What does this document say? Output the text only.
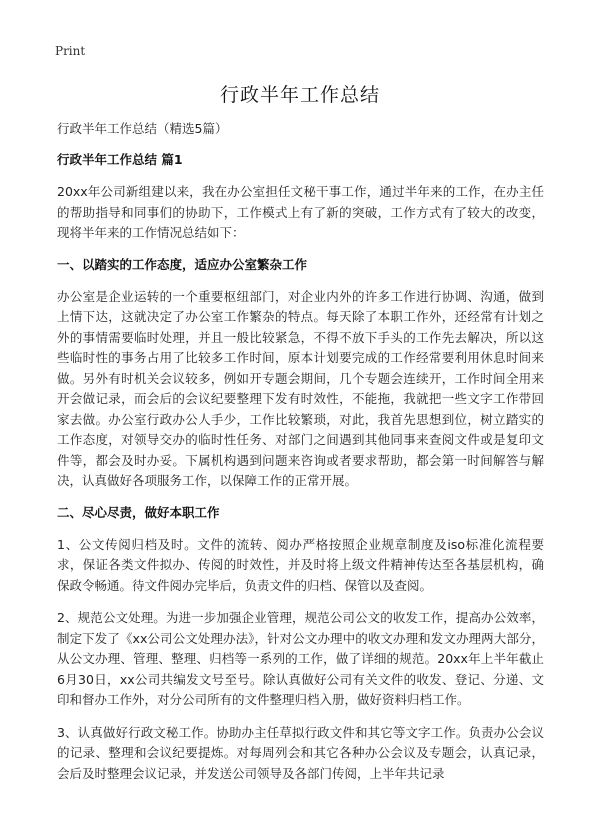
Print
行政半年工作总结

行政半年工作总结（精选5篇）

行政半年工作总结 篇1

20xx年公司新组建以来，我在办公室担任文秘干事工作，通过半年来的工作，在办主任的帮助指导和同事们的协助下，工作模式上有了新的突破，工作方式有了较大的改变，现将半年来的工作情况总结如下：

一、以踏实的工作态度，适应办公室繁杂工作

办公室是企业运转的一个重要枢纽部门，对企业内外的许多工作进行协调、沟通，做到上情下达，这就决定了办公室工作繁杂的特点。每天除了本职工作外，还经常有计划之外的事情需要临时处理，并且一般比较紧急，不得不放下手头的工作先去解决，所以这些临时性的事务占用了比较多工作时间，原本计划要完成的工作经常要利用休息时间来做。另外有时机关会议较多，例如开专题会期间，几个专题会连续开，工作时间全用来开会做记录，而会后的会议纪要整理下发有时效性，不能拖，我就把一些文字工作带回家去做。办公室行政办公人手少，工作比较繁琐，对此，我首先思想到位，树立踏实的工作态度，对领导交办的临时性任务、对部门之间遇到其他同事来查阅文件或是复印文件等，都会及时办妥。下属机构遇到问题来咨询或者要求帮助，都会第一时间解答与解决，认真做好各项服务工作，以保障工作的正常开展。

二、尽心尽责，做好本职工作

1、公文传阅归档及时。文件的流转、阅办严格按照企业规章制度及iso标准化流程要求，保证各类文件拟办、传阅的时效性，并及时将上级文件精神传达至各基层机构，确保政令畅通。待文件阅办完毕后，负责文件的归档、保管以及查阅。

2、规范公文处理。为进一步加强企业管理，规范公司公文的收发工作，提高办公效率，制定下发了《xx公司公文处理办法》，针对公文办理中的收文办理和发文办理两大部分，从公文办理、管理、整理、归档等一系列的工作，做了详细的规范。20xx年上半年截止6月30日，xx公司共编发文号至号。除认真做好公司有关文件的收发、登记、分递、文印和督办工作外，对分公司所有的文件整理归档入册，做好资料归档工作。

3、认真做好行政文秘工作。协助办主任草拟行政文件和其它等文字工作。负责办公会议的记录、整理和会议纪要提炼。对每周列会和其它各种办公会议及专题会，认真记录，会后及时整理会议记录，并发送公司领导及各部门传阅，上半年共记录
